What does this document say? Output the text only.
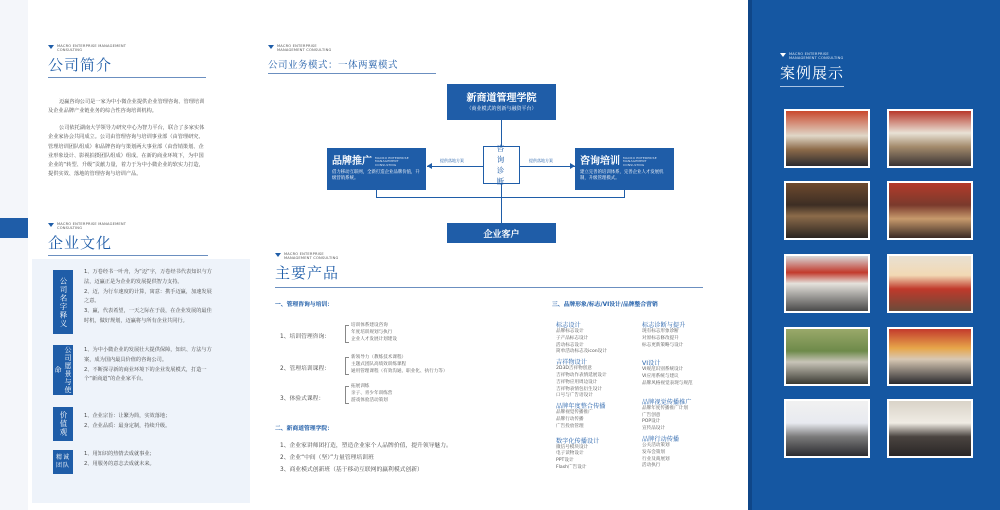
MACRO ENTERPRISE MANAGEMENT CONSULTING
公司简介
迈赢咨询公司是一家为中小微企业提供企业管理咨询、管理培训及企业品牌产业链业务的综合性咨询培训机构。
公司依托湖南大学领导力研究中心为智力平台，联合了多家实体企业家协会共同成立。公司由管理咨询与培训事业部（由管理研究、管理培训团队组成）和品牌咨询与策划两大事业部（由营销策划、企业形象设计、影视拍摄团队组成）组成。在新的商业环境下，为中国企业的“转型、升级”贡献力量，着力于为中小微企业的软实力打造，提供实效、落地的管理咨询与培训产品。
MACRO ENTERPRISE MANAGEMENT CONSULTING
企业文化
公司名字释义
1、万卷经书一叶舟，为“迈”字，万卷经书代表知识与方法，迈赢正是为企业的发展提供智力支持。
2、迈，为行车速度的计算，寓意：携手迈赢，加速发展之意。
3、赢，代表希望，一天之际在于晨，在企业发展的最佳时机，做好规划，迈赢将与所有企业共同行。
公司愿景与使命
1、为中小微企业的发展壮大提供保障，知识、方法与方案，成为国内最具价值的咨询公司。
2、不断探寻新的商业环境下的企业发展模式，打造一个“新商道”的企业家平台。
价值观	1、企业宗旨：让繁为简，实效落地；
2、企业品质：最身定制，持续升级。
精诚团队
1、用知识的热情去成就事业；
2、用服务的意志去成就未来。
MACRO ENTERPRISE MANAGEMENT CONSULTING
公司业务模式：一体两翼模式
新商道管理学院
（商业模式的创新与融资平台）
品牌推广 MACRO ENTERPRISE MANAGEMENT CONSULTING
借力移动互联网，全新打造企业品牌价值，升级营销系统。
咨询培训 MACRO ENTERPRISE MANAGEMENT CONSULTING
建立完善的培训体系，完善企业人才发展机制，升级管理模式。
咨询诊断
提供落地方案	提供落地方案
企业客户
MACRO ENTERPRISE MANAGEMENT CONSULTING
主要产品
一、管理咨询与培训：
1、培训管理咨询：
培训体系建设咨询
年度培训规划与执行
企业人才发展计划建设
2、管理培训课程：
新领导力（教练技术课程）
主题式团队高绩效训练课程
通用管理课程（有效沟通、职业化、执行力等）
3、体验式课程：
拓展训练
亲子、青少年训练营
游戏体验活动策划
二、新商道管理学院：
1、企业家讲师团打造，塑造企业家个人品牌价值，提升领导魅力。
2、企业“中间（坚）”力量管理培训班
3、商业模式创新班（基于移动互联网的赢利模式创新）
三、品牌形象/标志/VI设计/品牌整合营销
标志设计
品牌标志设计
子产品标志设计
活动标志设计
简单活动标志及icon设计
吉祥物设计
2D3D吉祥物创意
吉祥物动作表情延展设计
吉祥物应用周边设计
吉祥物表情包衍生设计
口号与广告语设计
品牌年度整合传播
品牌视觉传播推广
品牌行动传播
广告投放管理
数字化传播设计
微信号模块设计
电子读物设计
PPT设计
Flash广告设计
标志诊断与提升
现有标志形象诊断
对原标志修改提升
标志更新策略与设计
VI设计
VI规范识别系统设计
VI应用系统与建议
品牌风格视觉表现与规范
品牌视觉传播推广
品牌年度传播推广计划
广告创意
POP设计
宣传品设计
品牌行动传播
公关活动策划
发布会策划
行业及商展划
活动执行
MACRO ENTERPRISE MANAGEMENT CONSULTING
案例展示
